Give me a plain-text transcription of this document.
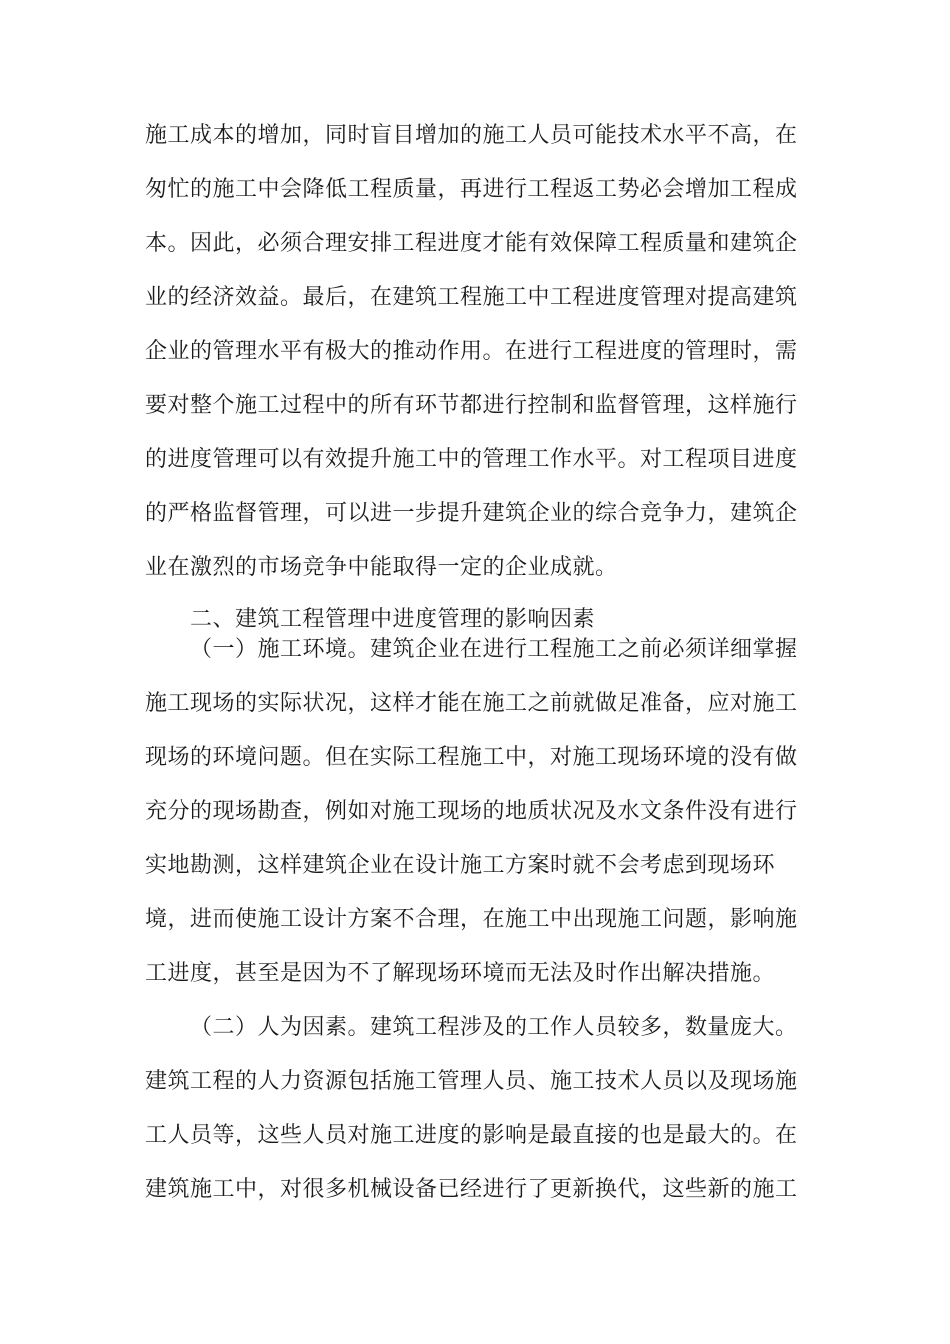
施工成本的增加，同时盲目增加的施工人员可能技术水平不高，在
匆忙的施工中会降低工程质量，再进行工程返工势必会增加工程成
本。因此，必须合理安排工程进度才能有效保障工程质量和建筑企
业的经济效益。最后，在建筑工程施工中工程进度管理对提高建筑
企业的管理水平有极大的推动作用。在进行工程进度的管理时，需
要对整个施工过程中的所有环节都进行控制和监督管理，这样施行
的进度管理可以有效提升施工中的管理工作水平。对工程项目进度
的严格监督管理，可以进一步提升建筑企业的综合竞争力，建筑企
业在激烈的市场竞争中能取得一定的企业成就。
二、建筑工程管理中进度管理的影响因素
（一）施工环境。建筑企业在进行工程施工之前必须详细掌握
施工现场的实际状况，这样才能在施工之前就做足准备，应对施工
现场的环境问题。但在实际工程施工中，对施工现场环境的没有做
充分的现场勘查，例如对施工现场的地质状况及水文条件没有进行
实地勘测，这样建筑企业在设计施工方案时就不会考虑到现场环
境，进而使施工设计方案不合理，在施工中出现施工问题，影响施
工进度，甚至是因为不了解现场环境而无法及时作出解决措施。
（二）人为因素。建筑工程涉及的工作人员较多，数量庞大。
建筑工程的人力资源包括施工管理人员、施工技术人员以及现场施
工人员等，这些人员对施工进度的影响是最直接的也是最大的。在
建筑施工中，对很多机械设备已经进行了更新换代，这些新的施工
